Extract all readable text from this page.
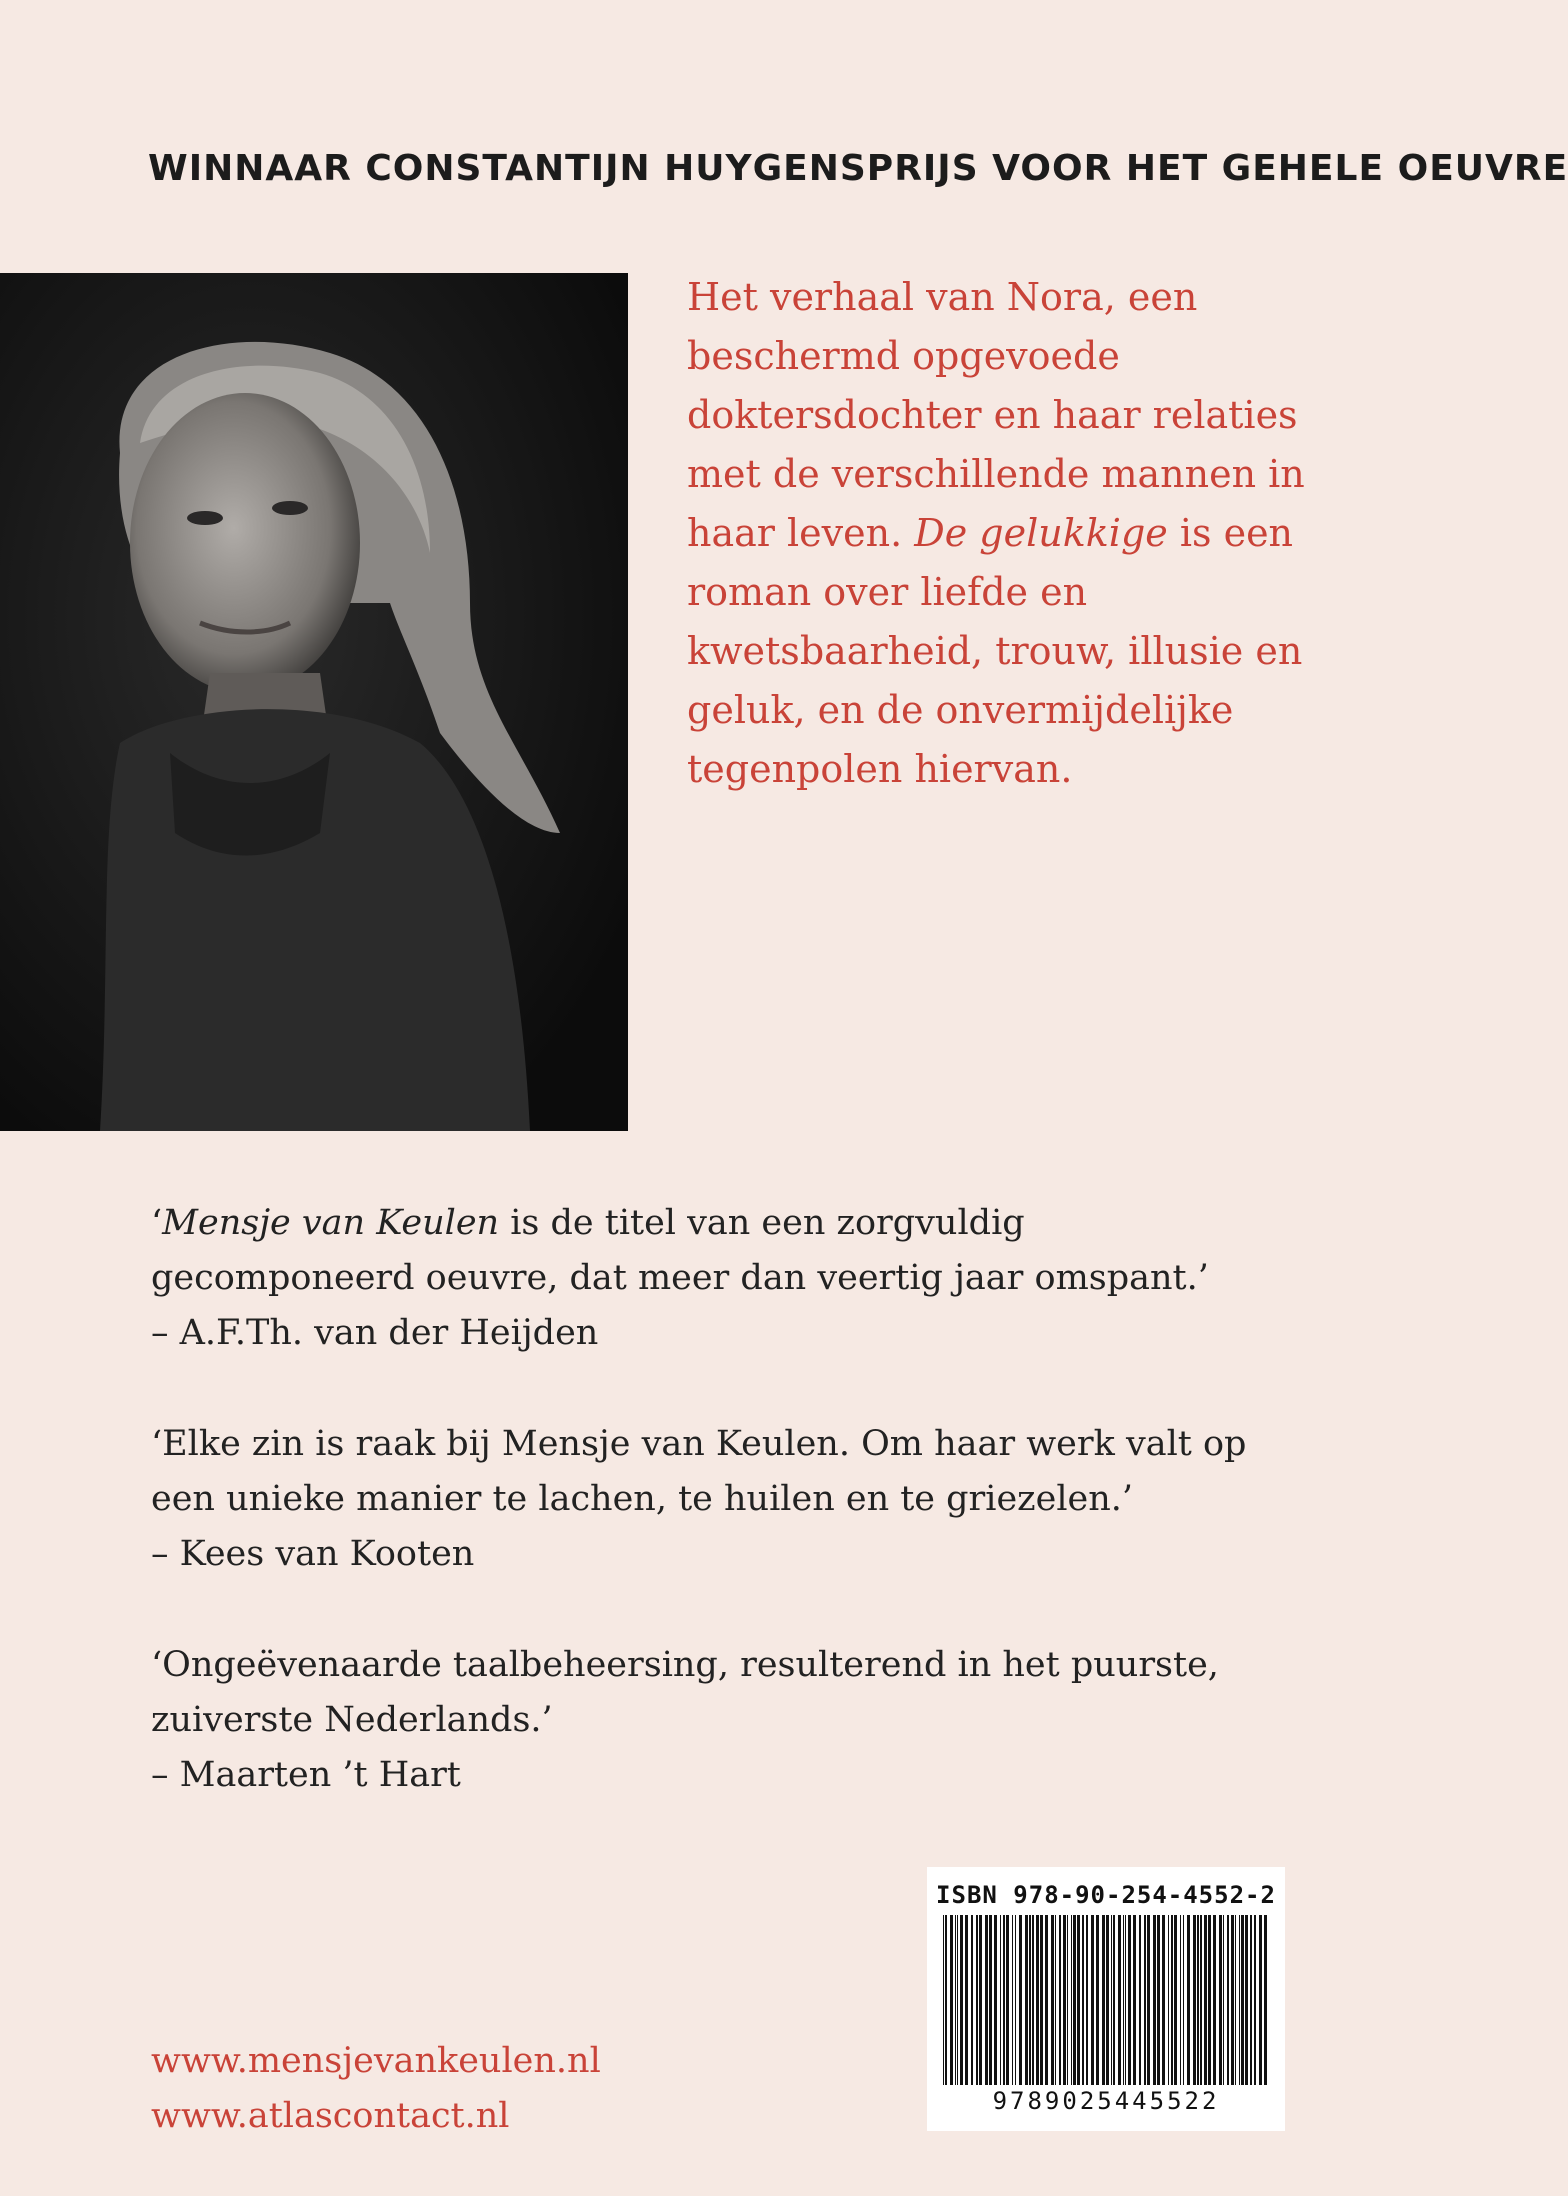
WINNAAR CONSTANTIJN HUYGENSPRIJS VOOR HET GEHELE OEUVRE

Het verhaal van Nora, een beschermd opgevoede doktersdochter en haar relaties met de verschillende mannen in haar leven. De gelukkige is een roman over liefde en kwetsbaarheid, trouw, illusie en geluk, en de onvermijdelijke tegenpolen hiervan.

‘Mensje van Keulen is de titel van een zorgvuldig gecomponeerd oeuvre, dat meer dan veertig jaar omspant.’

– A.F.Th. van der Heijden

‘Elke zin is raak bij Mensje van Keulen. Om haar werk valt op een unieke manier te lachen, te huilen en te griezelen.’

– Kees van Kooten

‘Ongeëvenaarde taalbeheersing, resulterend in het puurste, zuiverste Nederlands.’

– Maarten ’t Hart

www.mensjevankeulen.nl
www.atlascontact.nl
ISBN 978-90-254-4552-2
9789025445522
